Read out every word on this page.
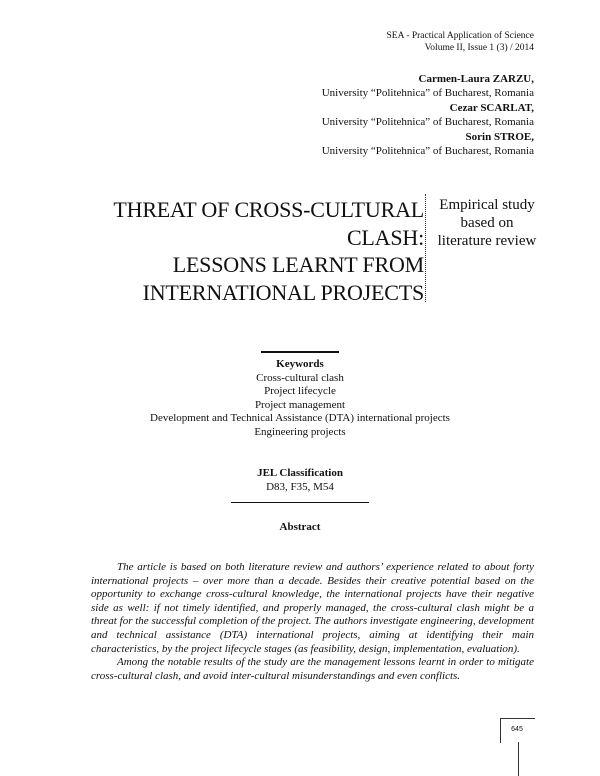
SEA - Practical Application of Science
Volume II, Issue 1 (3) / 2014
Carmen-Laura ZARZU,
University “Politehnica” of Bucharest, Romania
Cezar SCARLAT,
University “Politehnica” of Bucharest, Romania
Sorin STROE,
University “Politehnica” of Bucharest, Romania
THREAT OF CROSS-CULTURAL
CLASH:
LESSONS LEARNT FROM
INTERNATIONAL PROJECTS
Empirical study
based on
literature review
Keywords
Cross-cultural clash
Project lifecycle
Project management
Development and Technical Assistance (DTA) international projects
Engineering projects
JEL Classification
D83, F35, M54
Abstract

The article is based on both literature review and authors’ experience related to about forty international projects – over more than a decade. Besides their creative potential based on the opportunity to exchange cross-cultural knowledge, the international projects have their negative side as well: if not timely identified, and properly managed, the cross-cultural clash might be a threat for the successful completion of the project. The authors investigate engineering, development and technical assistance (DTA) international projects, aiming at identifying their main characteristics, by the project lifecycle stages (as feasibility, design, implementation, evaluation).

Among the notable results of the study are the management lessons learnt in order to mitigate cross-cultural clash, and avoid inter-cultural misunderstandings and even conflicts.

645
